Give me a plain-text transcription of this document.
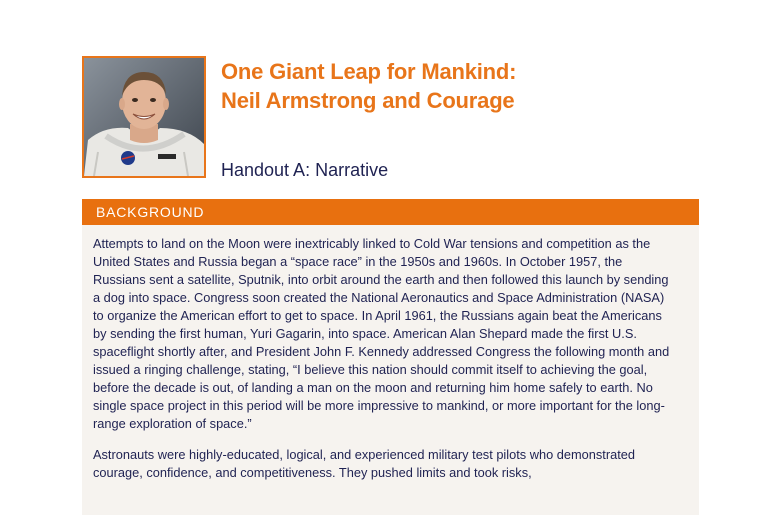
One Giant Leap for Mankind:
Neil Armstrong and Courage
Handout A: Narrative
BACKGROUND

Attempts to land on the Moon were inextricably linked to Cold War tensions and competition as the United States and Russia began a “space race” in the 1950s and 1960s. In October 1957, the Russians sent a satellite, Sputnik, into orbit around the earth and then followed this launch by sending a dog into space. Congress soon created the National Aeronautics and Space Administration (NASA) to organize the American effort to get to space. In April 1961, the Russians again beat the Americans by sending the first human, Yuri Gagarin, into space. American Alan Shepard made the first U.S. spaceflight shortly after, and President John F. Kennedy addressed Congress the following month and issued a ringing challenge, stating, “I believe this nation should commit itself to achieving the goal, before the decade is out, of landing a man on the moon and returning him home safely to earth. No single space project in this period will be more impressive to mankind, or more important for the long-range exploration of space.”

Astronauts were highly-educated, logical, and experienced military test pilots who demonstrated courage, confidence, and competitiveness. They pushed limits and took risks,
